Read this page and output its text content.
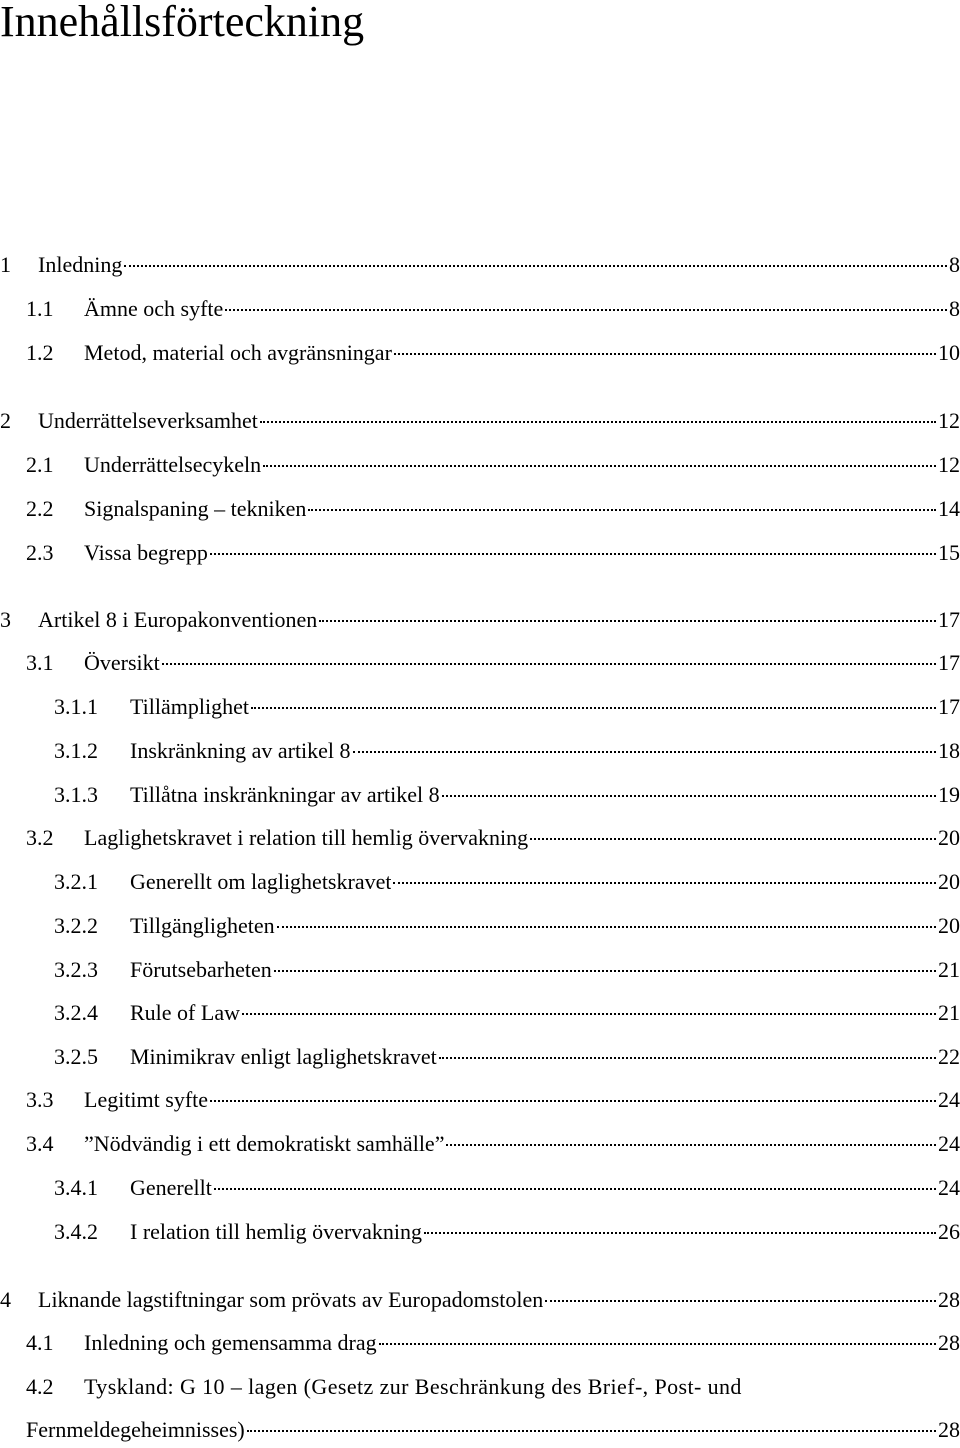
Innehållsförteckning
1	Inledning	8
1.1	Ämne och syfte	8
1.2	Metod, material och avgränsningar	10
2	Underrättelseverksamhet	12
2.1	Underrättelsecykeln	12
2.2	Signalspaning – tekniken	14
2.3	Vissa begrepp	15
3	Artikel 8 i Europakonventionen	17
3.1	Översikt	17
3.1.1	Tillämplighet	17
3.1.2	Inskränkning av artikel 8	18
3.1.3	Tillåtna inskränkningar av artikel 8	19
3.2	Laglighetskravet i relation till hemlig övervakning	20
3.2.1	Generellt om laglighetskravet	20
3.2.2	Tillgängligheten	20
3.2.3	Förutsebarheten	21
3.2.4	Rule of Law	21
3.2.5	Minimikrav enligt laglighetskravet	22
3.3	Legitimt syfte	24
3.4	”Nödvändig i ett demokratiskt samhälle”	24
3.4.1	Generellt	24
3.4.2	I relation till hemlig övervakning	26
4	Liknande lagstiftningar som prövats av Europadomstolen	28
4.1	Inledning och gemensamma drag	28
4.2	Tyskland: G 10 – lagen (Gesetz zur Beschränkung des Brief-, Post- und
Fernmeldegeheimnisses)	28
